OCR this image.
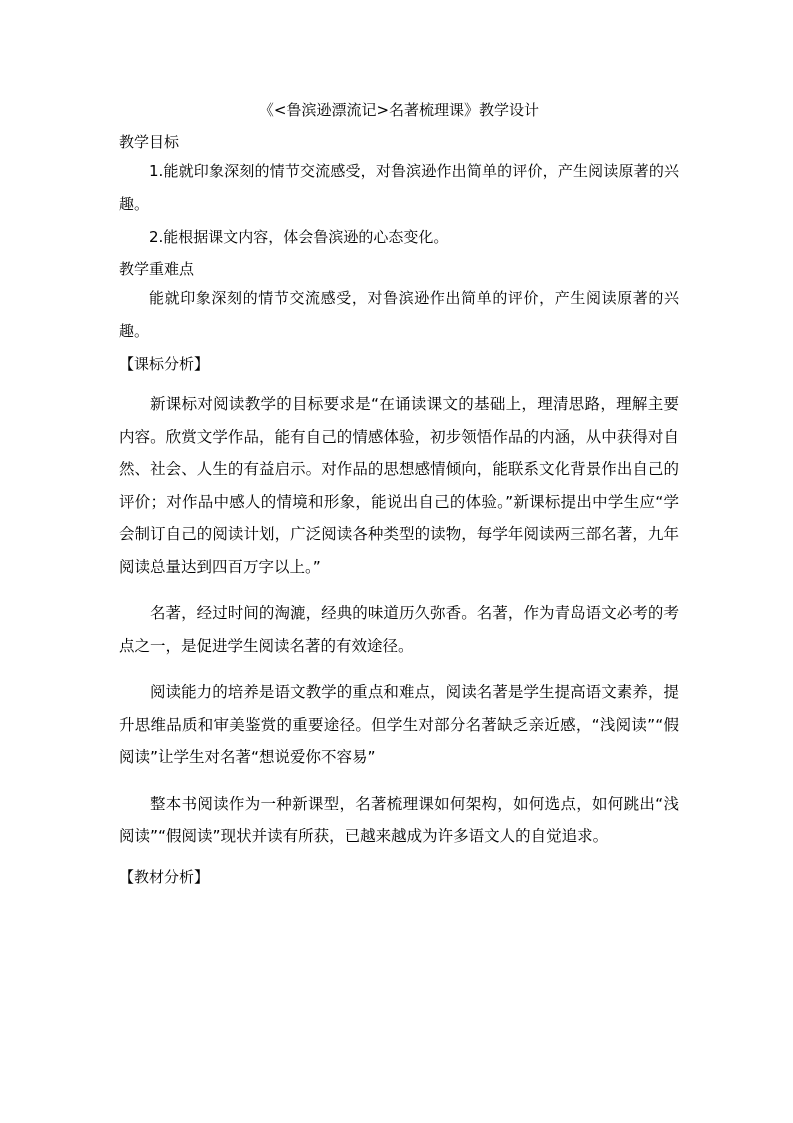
《<鲁滨逊漂流记>名著梳理课》教学设计

教学目标

1.能就印象深刻的情节交流感受，对鲁滨逊作出简单的评价，产生阅读原著的兴趣。

2.能根据课文内容，体会鲁滨逊的心态变化。

教学重难点

能就印象深刻的情节交流感受，对鲁滨逊作出简单的评价，产生阅读原著的兴趣。

【课标分析】

新课标对阅读教学的目标要求是“在诵读课文的基础上，理清思路，理解主要内容。欣赏文学作品，能有自己的情感体验，初步领悟作品的内涵，从中获得对自然、社会、人生的有益启示。对作品的思想感情倾向，能联系文化背景作出自己的评价；对作品中感人的情境和形象，能说出自己的体验。”新课标提出中学生应“学会制订自己的阅读计划，广泛阅读各种类型的读物，每学年阅读两三部名著，九年阅读总量达到四百万字以上。”

名著，经过时间的淘漉，经典的味道历久弥香。名著，作为青岛语文必考的考点之一，是促进学生阅读名著的有效途径。

阅读能力的培养是语文教学的重点和难点，阅读名著是学生提高语文素养，提升思维品质和审美鉴赏的重要途径。但学生对部分名著缺乏亲近感，“浅阅读”“假阅读”让学生对名著“想说爱你不容易”

整本书阅读作为一种新课型，名著梳理课如何架构，如何选点，如何跳出“浅阅读”“假阅读”现状并读有所获，已越来越成为许多语文人的自觉追求。

【教材分析】
